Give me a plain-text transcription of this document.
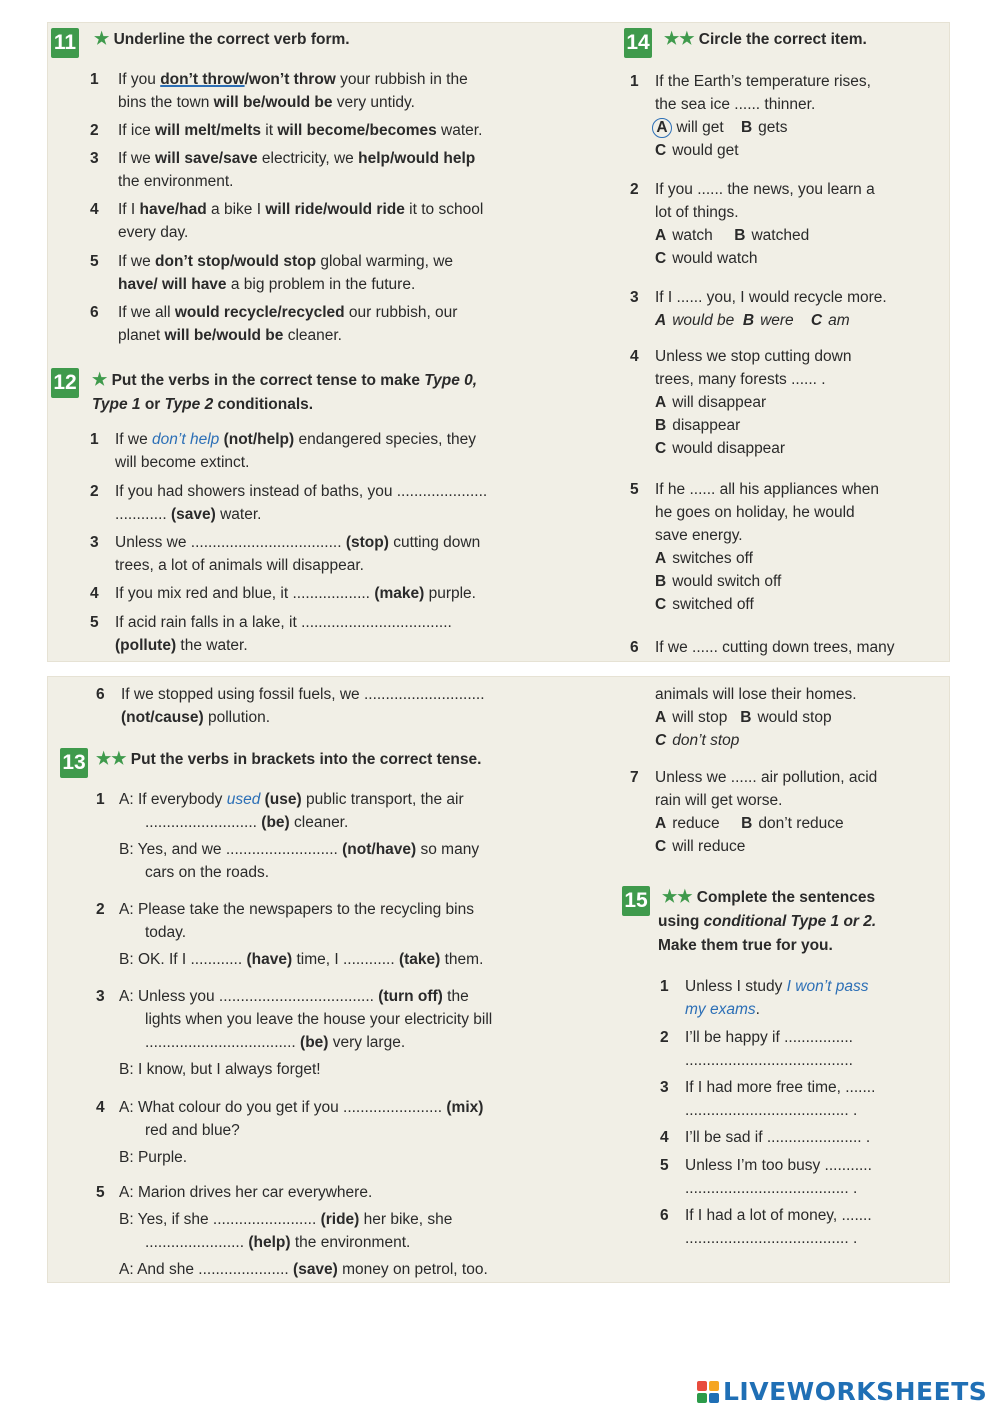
11 ★ Underline the correct verb form.
1 If you don’t throw/won’t throw your rubbish in the
bins the town will be/would be very untidy.
2 If ice will melt/melts it will become/becomes water.
3 If we will save/save electricity, we help/would help
the environment.
4 If I have/had a bike I will ride/would ride it to school
every day.
5 If we don’t stop/would stop global warming, we
have/ will have a big problem in the future.
6 If we all would recycle/recycled our rubbish, our
planet will be/would be cleaner.
12 ★ Put the verbs in the correct tense to make Type 0,
Type 1 or Type 2 conditionals.
1 If we don’t help (not/help) endangered species, they
will become extinct.
2 If you had showers instead of baths, you .....................
............ (save) water.
3 Unless we ................................... (stop) cutting down
trees, a lot of animals will disappear.
4 If you mix red and blue, it .................. (make) purple.
5 If acid rain falls in a lake, it ...................................
(pollute) the water.
14 ★★ Circle the correct item.
1 If the Earth’s temperature rises,
the sea ice ...... thinner.
A will get B gets
C would get
2 If you ...... the news, you learn a
lot of things.
A watch B watched
C would watch
3 If I ...... you, I would recycle more.
A would be B were C am
4 Unless we stop cutting down
trees, many forests ...... .
A will disappear
B disappear
C would disappear
5 If he ...... all his appliances when
he goes on holiday, he would
save energy.
A switches off
B would switch off
C switched off
6 If we ...... cutting down trees, many
6 If we stopped using fossil fuels, we ............................
(not/cause) pollution.
13 ★★ Put the verbs in brackets into the correct tense.
1 A: If everybody used (use) public transport, the air
.......................... (be) cleaner.
B: Yes, and we .......................... (not/have) so many
cars on the roads.
2 A: Please take the newspapers to the recycling bins
today.
B: OK. If I ............ (have) time, I ............ (take) them.
3 A: Unless you .................................... (turn off) the
lights when you leave the house your electricity bill
................................... (be) very large.
B: I know, but I always forget!
4 A: What colour do you get if you ....................... (mix)
red and blue?
B: Purple.
5 A: Marion drives her car everywhere.
B: Yes, if she ........................ (ride) her bike, she
....................... (help) the environment.
A: And she ..................... (save) money on petrol, too.
animals will lose their homes.
A will stop B would stop
C don’t stop
7 Unless we ...... air pollution, acid
rain will get worse.
A reduce B don’t reduce
C will reduce
15 ★★ Complete the sentences
using conditional Type 1 or 2.
Make them true for you.
1 Unless I study I won’t pass
my exams.
2 I’ll be happy if ................
.......................................
3 If I had more free time, .......
...................................... .
4 I’ll be sad if ...................... .
5 Unless I’m too busy ...........
...................................... .
6 If I had a lot of money, .......
...................................... .
LIVEWORKSHEETS
